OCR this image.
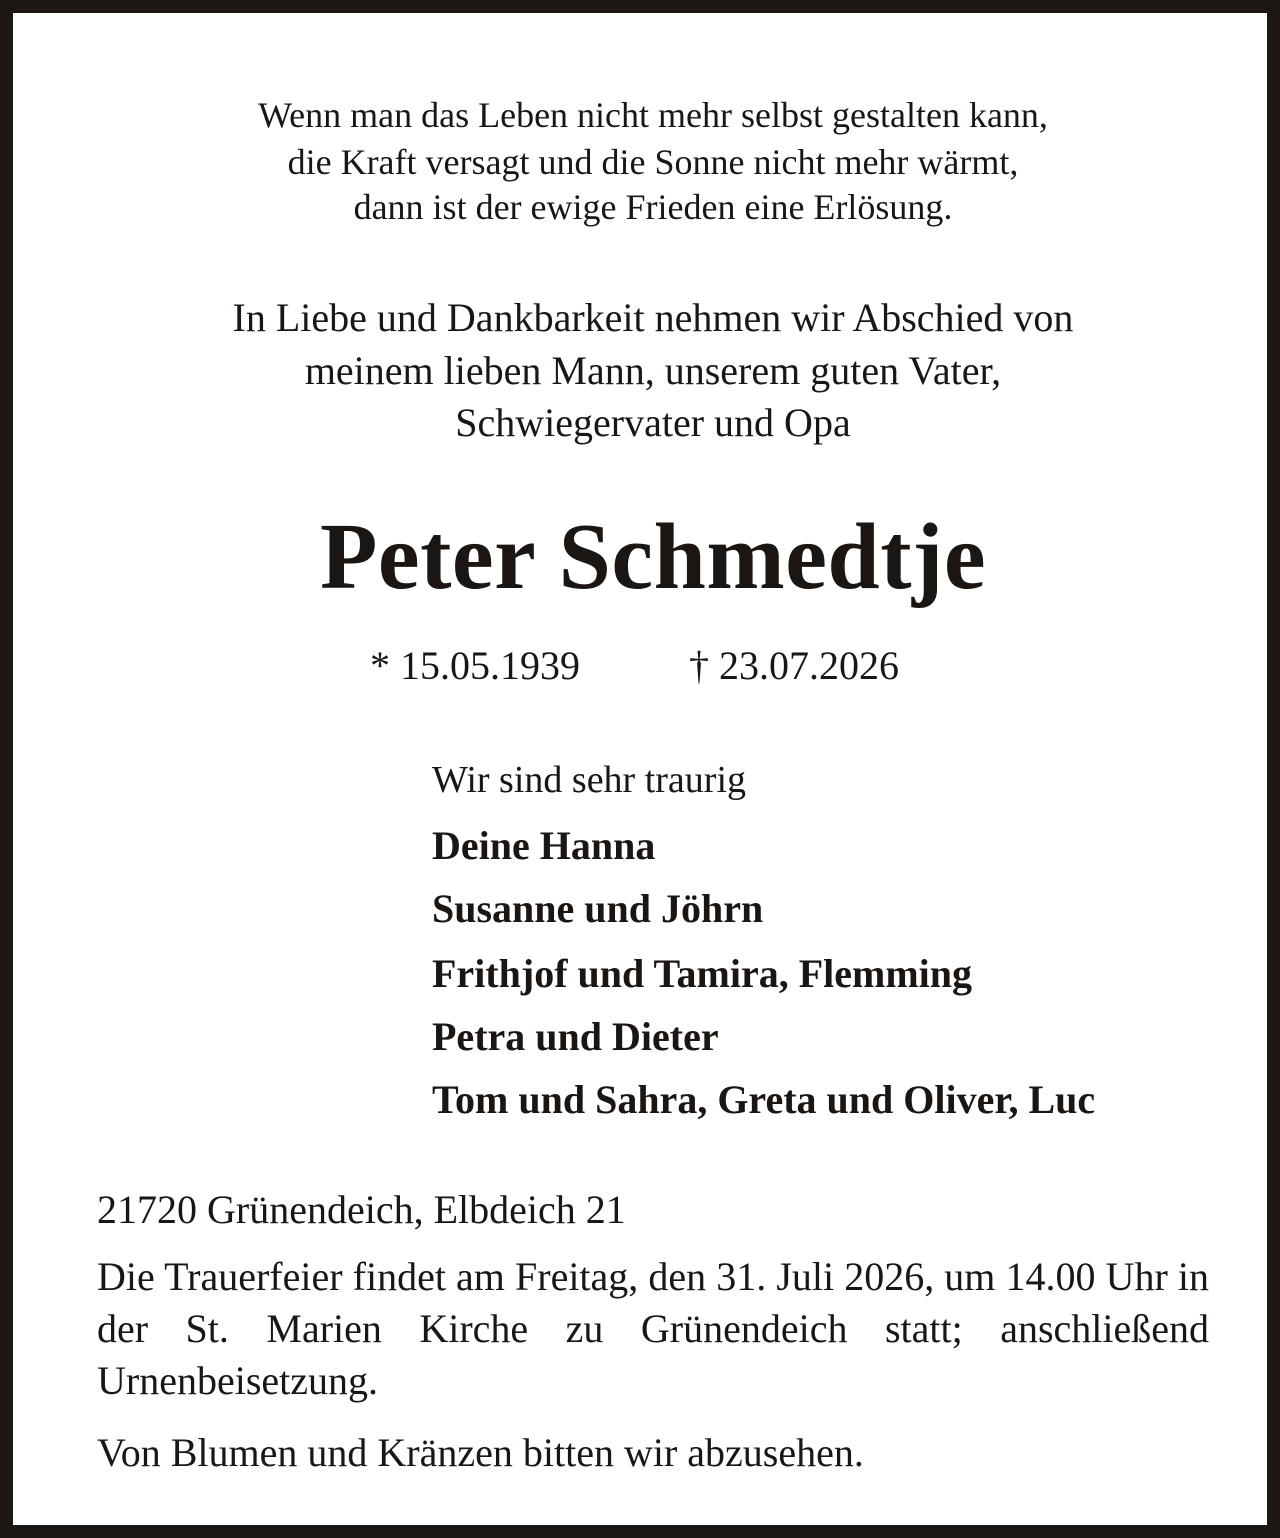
Wenn man das Leben nicht mehr selbst gestalten kann,
die Kraft versagt und die Sonne nicht mehr wärmt,
dann ist der ewige Frieden eine Erlösung.
In Liebe und Dankbarkeit nehmen wir Abschied von
meinem lieben Mann, unserem guten Vater,
Schwiegervater und Opa
Peter Schmedtje
* 15.05.1939	† 23.07.2026
Wir sind sehr traurig
Deine Hanna
Susanne und Jöhrn
Frithjof und Tamira, Flemming
Petra und Dieter
Tom und Sahra, Greta und Oliver, Luc
21720 Grünendeich, Elbdeich 21
Die Trauerfeier findet am Freitag, den 31. Juli 2026, um 14.00 Uhr in der St. Marien Kirche zu Grünendeich statt; anschließend Urnenbeisetzung.
Von Blumen und Kränzen bitten wir abzusehen.
